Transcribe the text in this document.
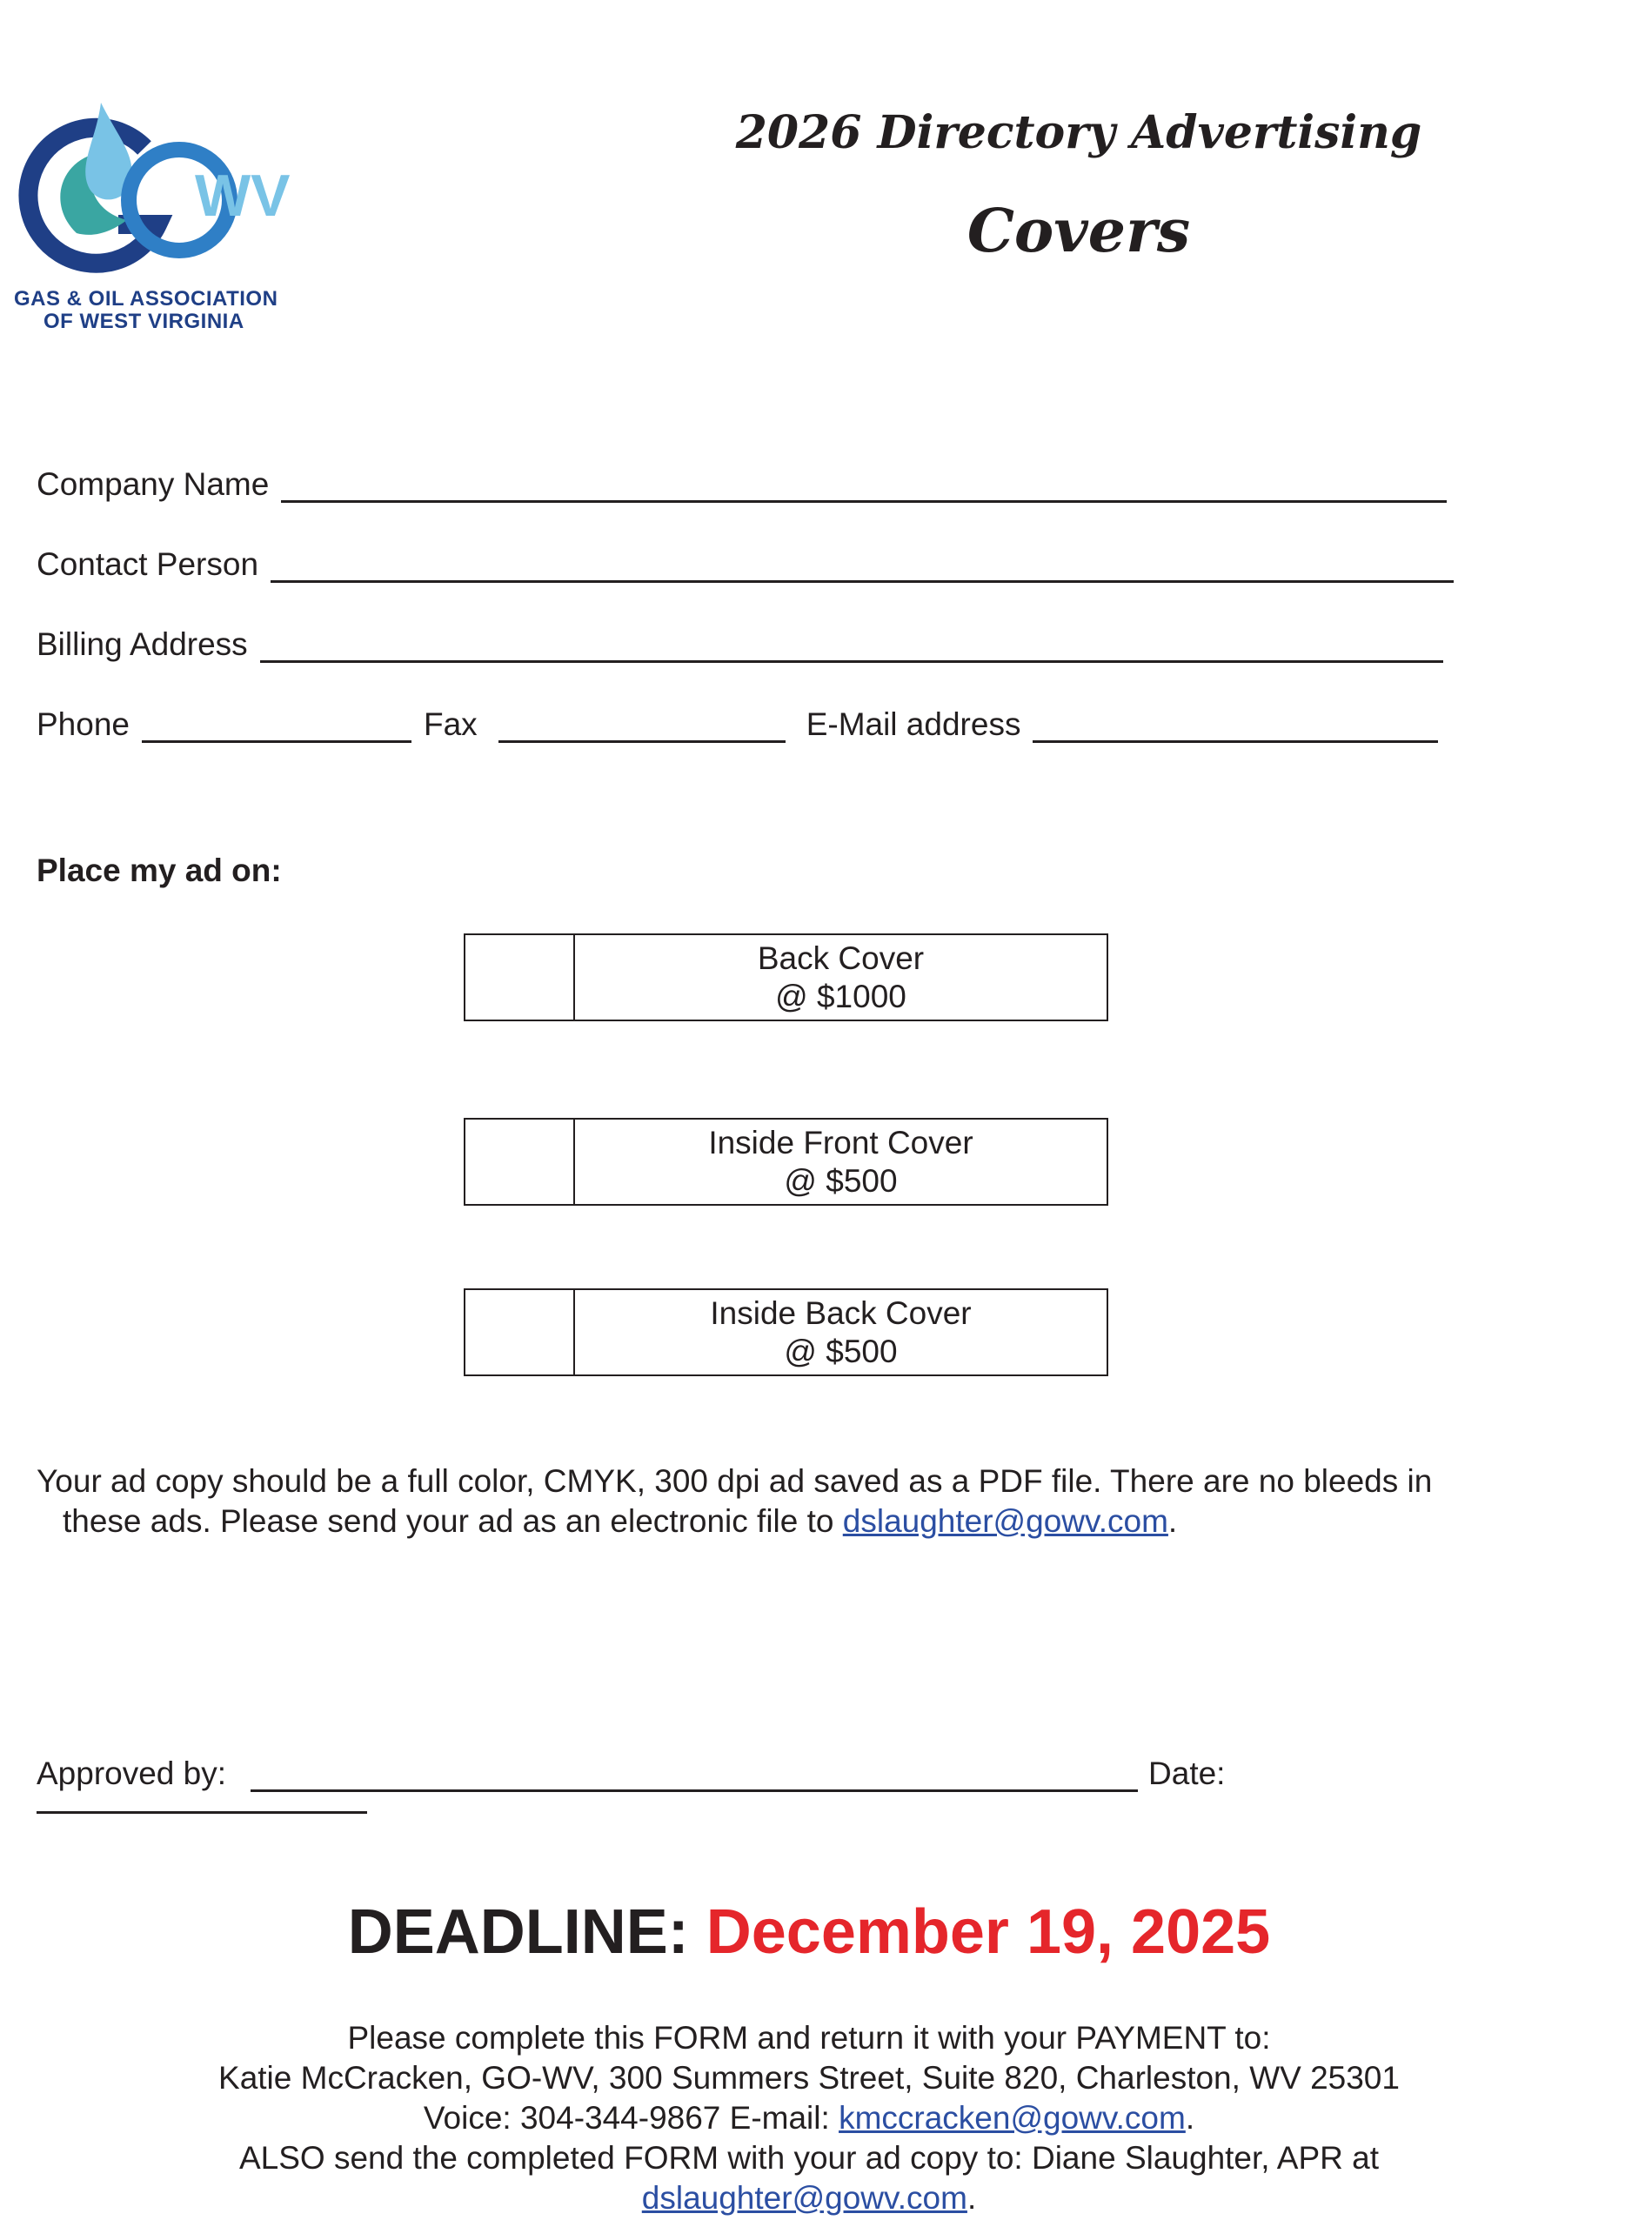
WV
GAS & OIL ASSOCIATION
OF WEST VIRGINIA
2026 Directory Advertising
Covers
Company Name
Contact Person
Billing Address
Phone	Fax	E-Mail address
Place my ad on:
Back Cover
@ $1000
Inside Front Cover
@ $500
Inside Back Cover
@ $500
Your ad copy should be a full color, CMYK, 300 dpi ad saved as a PDF file. There are no bleeds in
these ads. Please send your ad as an electronic file to dslaughter@gowv.com.
Approved by:	Date:
DEADLINE: December 19, 2025
Please complete this FORM and return it with your PAYMENT to:
Katie McCracken, GO-WV, 300 Summers Street, Suite 820, Charleston, WV 25301
Voice: 304-344-9867 E-mail: kmccracken@gowv.com.
ALSO send the completed FORM with your ad copy to: Diane Slaughter, APR at
dslaughter@gowv.com.
